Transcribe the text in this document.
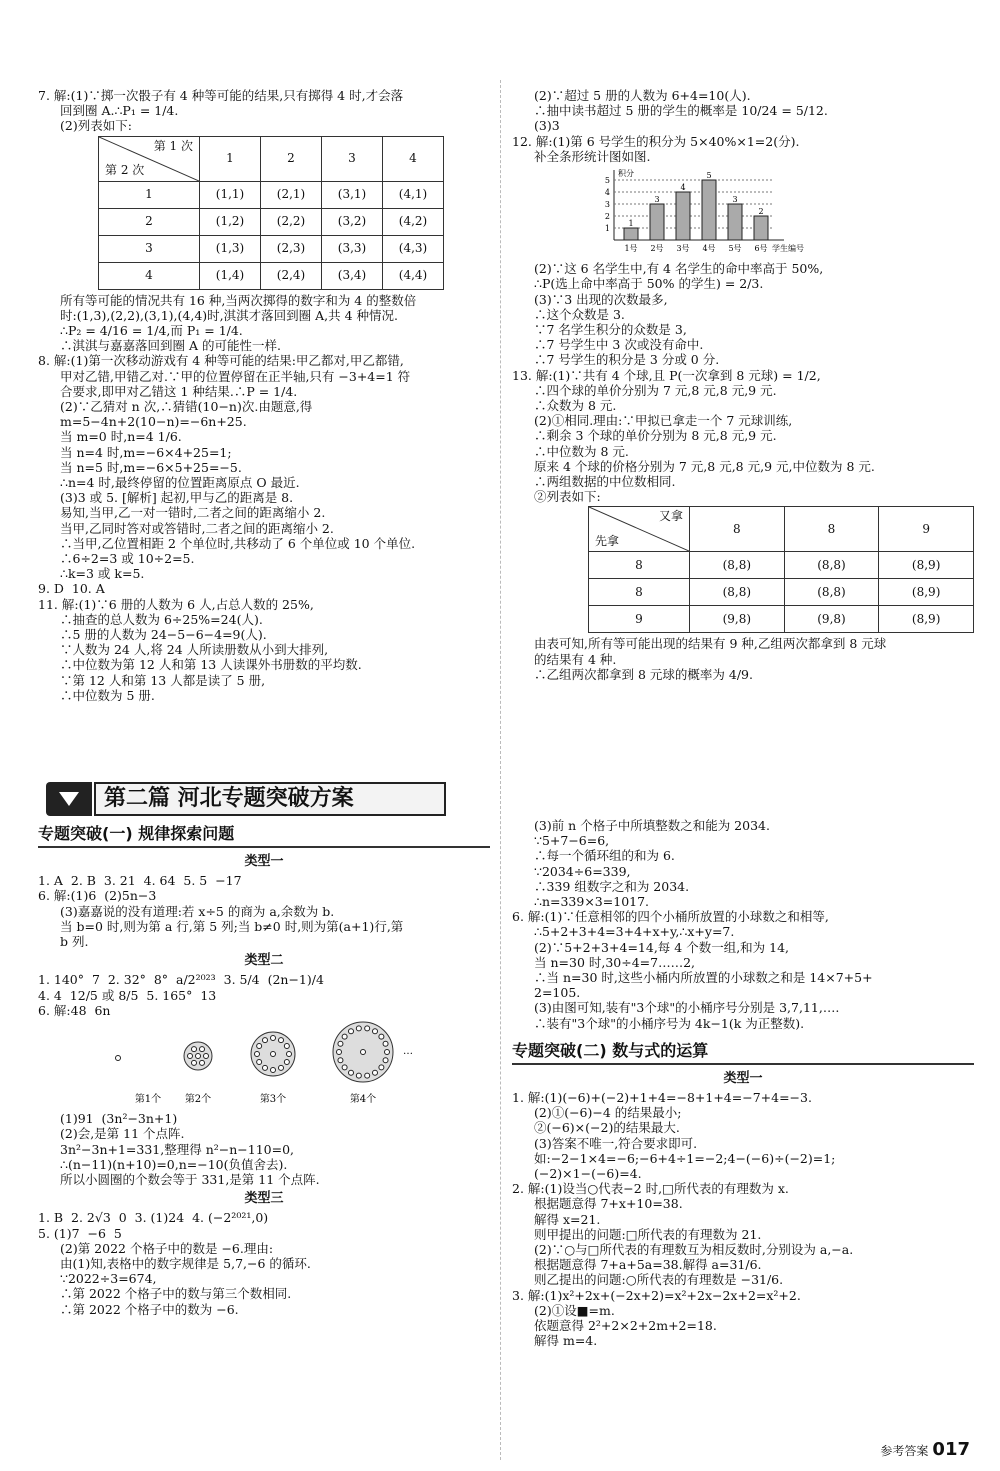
7. 解:(1)∵掷一次骰子有 4 种等可能的结果,只有掷得 4 时,才会落
回到圈 A.∴P₁ = 1/4.
(2)列表如下:
第 1 次
第 2 次	1	2	3	4
1	(1,1)	(2,1)	(3,1)	(4,1)
2	(1,2)	(2,2)	(3,2)	(4,2)
3	(1,3)	(2,3)	(3,3)	(4,3)
4	(1,4)	(2,4)	(3,4)	(4,4)
所有等可能的情况共有 16 种,当两次掷得的数字和为 4 的整数倍
时:(1,3),(2,2),(3,1),(4,4)时,淇淇才落回到圈 A,共 4 种情况.
∴P₂ = 4/16 = 1/4,而 P₁ = 1/4.
∴淇淇与嘉嘉落回到圈 A 的可能性一样.
8. 解:(1)第一次移动游戏有 4 种等可能的结果:甲乙都对,甲乙都错,
甲对乙错,甲错乙对.∵甲的位置停留在正半轴,只有 −3+4=1 符
合要求,即甲对乙错这 1 种结果.∴P = 1/4.
(2)∵乙猜对 n 次,∴猜错(10−n)次.由题意,得
m=5−4n+2(10−n)=−6n+25.
当 m=0 时,n=4 1/6.
当 n=4 时,m=−6×4+25=1;
当 n=5 时,m=−6×5+25=−5.
∴n=4 时,最终停留的位置距离原点 O 最近.
(3)3 或 5. [解析] 起初,甲与乙的距离是 8.
易知,当甲,乙一对一错时,二者之间的距离缩小 2.
当甲,乙同时答对或答错时,二者之间的距离缩小 2.
∴当甲,乙位置相距 2 个单位时,共移动了 6 个单位或 10 个单位.
∴6÷2=3 或 10÷2=5.
∴k=3 或 k=5.
9. D  10. A
11. 解:(1)∵6 册的人数为 6 人,占总人数的 25%,
∴抽查的总人数为 6÷25%=24(人).
∴5 册的人数为 24−5−6−4=9(人).
∵人数为 24 人,将 24 人所读册数从小到大排列,
∴中位数为第 12 人和第 13 人读课外书册数的平均数.
∵第 12 人和第 13 人都是读了 5 册,
∴中位数为 5 册.
(2)∵超过 5 册的人数为 6+4=10(人).
∴抽中读书超过 5 册的学生的概率是 10/24 = 5/12.
(3)3
12. 解:(1)第 6 号学生的积分为 5×40%×1=2(分).
补全条形统计图如图.
1
2
3
4
5
积分
1
1号
3
2号
4
3号
5
4号
3
5号
2
6号 学生编号
(2)∵这 6 名学生中,有 4 名学生的命中率高于 50%,
∴P(选上命中率高于 50% 的学生) = 2/3.
(3)∵3 出现的次数最多,
∴这个众数是 3.
∵7 名学生积分的众数是 3,
∴7 号学生中 3 次或没有命中.
∴7 号学生的积分是 3 分或 0 分.
13. 解:(1)∵共有 4 个球,且 P(一次拿到 8 元球) = 1/2,
∴四个球的单价分别为 7 元,8 元,8 元,9 元.
∴众数为 8 元.
(2)①相同.理由:∵甲拟已拿走一个 7 元球训练,
∴剩余 3 个球的单价分别为 8 元,8 元,9 元.
∴中位数为 8 元.
原来 4 个球的价格分别为 7 元,8 元,8 元,9 元,中位数为 8 元.
∴两组数据的中位数相同.
②列表如下:
又拿
先拿	8	8	9
8	(8,8)	(8,8)	(8,9)
8	(8,8)	(8,8)	(8,9)
9	(9,8)	(9,8)	(8,9)
由表可知,所有等可能出现的结果有 9 种,乙组两次都拿到 8 元球
的结果有 4 种.
∴乙组两次都拿到 8 元球的概率为 4/9.
第二篇 河北专题突破方案
专题突破(一) 规律探索问题
类型一
1. A  2. B  3. 21  4. 64  5. 5  −17
6. 解:(1)6  (2)5n−3
(3)嘉嘉说的没有道理:若 x÷5 的商为 a,余数为 b.
当 b=0 时,则为第 a 行,第 5 列;当 b≠0 时,则为第(a+1)行,第
b 列.
类型二
1. 140°  7  2. 32°  8°  a/2²⁰²³  3. 5/4  (2n−1)/4
4. 4  12/5 或 8/5  5. 165°  13
6. 解:48  6n
第1个 第2个	第3个	第4个
…
(1)91  (3n²−3n+1)
(2)会,是第 11 个点阵.
3n²−3n+1=331,整理得 n²−n−110=0,
∴(n−11)(n+10)=0,n=−10(负值舍去).
所以小圆圈的个数会等于 331,是第 11 个点阵.
类型三
1. B  2. 2√3  0  3. (1)24  4. (−2²⁰²¹,0)
5. (1)7  −6  5
(2)第 2022 个格子中的数是 −6.理由:
由(1)知,表格中的数字规律是 5,7,−6 的循环.
∵2022÷3=674,
∴第 2022 个格子中的数与第三个数相同.
∴第 2022 个格子中的数为 −6.
(3)前 n 个格子中所填整数之和能为 2034.
∵5+7−6=6,
∴每一个循环组的和为 6.
∵2034÷6=339,
∴339 组数字之和为 2034.
∴n=339×3=1017.
6. 解:(1)∵任意相邻的四个小桶所放置的小球数之和相等,
∴5+2+3+4=3+4+x+y,∴x+y=7.
(2)∵5+2+3+4=14,每 4 个数一组,和为 14,
当 n=30 时,30÷4=7……2,
∴当 n=30 时,这些小桶内所放置的小球数之和是 14×7+5+
2=105.
(3)由图可知,装有"3个球"的小桶序号分别是 3,7,11,….
∴装有"3个球"的小桶序号为 4k−1(k 为正整数).
专题突破(二) 数与式的运算
类型一
1. 解:(1)(−6)+(−2)+1+4=−8+1+4=−7+4=−3.
(2)①(−6)−4 的结果最小;
②(−6)×(−2)的结果最大.
(3)答案不唯一,符合要求即可.
如:−2−1×4=−6;−6+4÷1=−2;4−(−6)÷(−2)=1;
(−2)×1−(−6)=4.
2. 解:(1)设当○代表−2 时,□所代表的有理数为 x.
根据题意得 7+x+10=38.
解得 x=21.
则甲提出的问题:□所代表的有理数为 21.
(2)∵○与□所代表的有理数互为相反数时,分别设为 a,−a.
根据题意得 7+a+5a=38.解得 a=31/6.
则乙提出的问题:○所代表的有理数是 −31/6.
3. 解:(1)x²+2x+(−2x+2)=x²+2x−2x+2=x²+2.
(2)①设■=m.
依题意得 2²+2×2+2m+2=18.
解得 m=4.
参考答案 017
